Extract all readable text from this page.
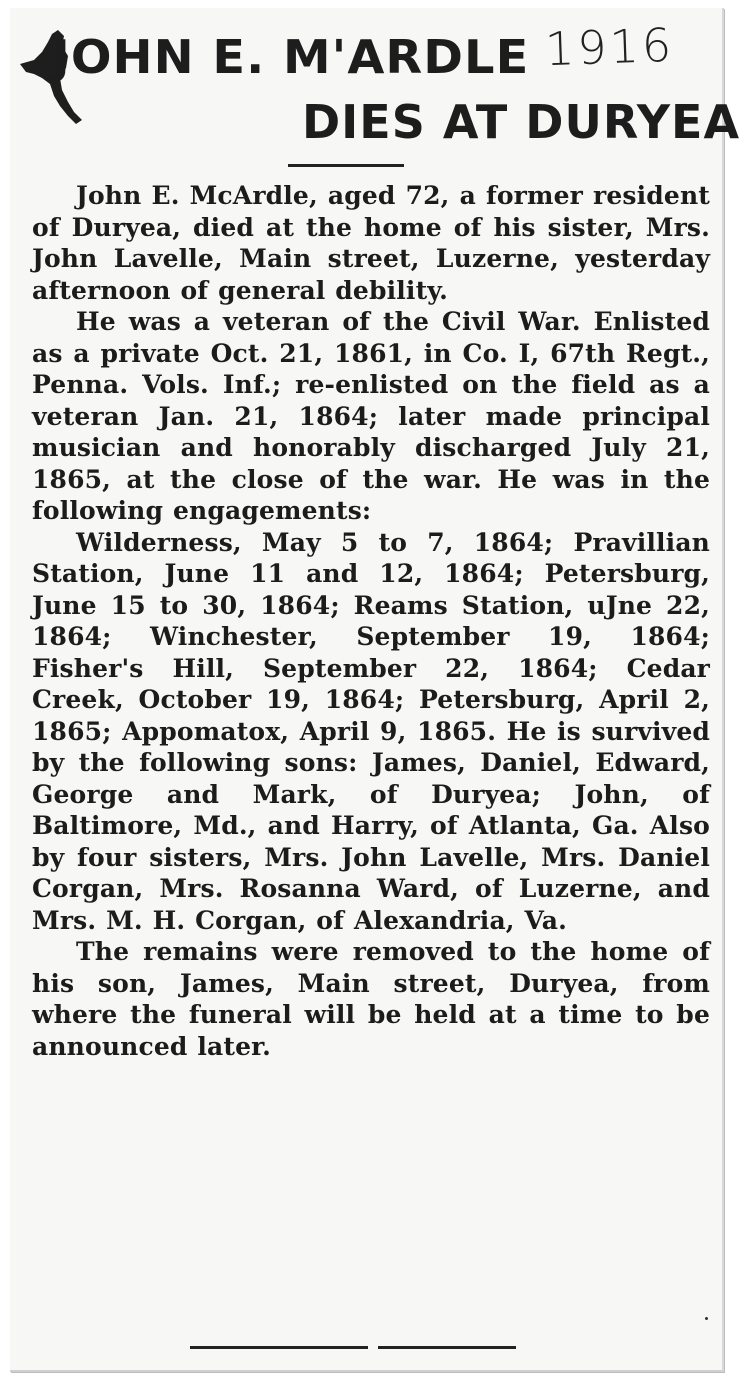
1916
JOHN E. M'ARDLE
DIES AT DURYEA

John E. McArdle, aged 72, a former resident of Duryea, died at the home of his sister, Mrs. John Lavelle, Main street, Luzerne, yesterday afternoon of general debility.

He was a veteran of the Civil War. Enlisted as a private Oct. 21, 1861, in Co. I, 67th Regt., Penna. Vols. Inf.; re-enlisted on the field as a veteran Jan. 21, 1864; later made principal musician and honorably discharged July 21, 1865, at the close of the war. He was in the following engagements:

Wilderness, May 5 to 7, 1864; Pravillian Station, June 11 and 12, 1864; Petersburg, June 15 to 30, 1864; Reams Station, uJne 22, 1864; Winchester, September 19, 1864; Fisher's Hill, September 22, 1864; Cedar Creek, October 19, 1864; Petersburg, April 2, 1865; Appomatox, April 9, 1865. He is survived by the following sons: James, Daniel, Edward, George and Mark, of Duryea; John, of Baltimore, Md., and Harry, of Atlanta, Ga. Also by four sisters, Mrs. John Lavelle, Mrs. Daniel Corgan, Mrs. Rosanna Ward, of Luzerne, and Mrs. M. H. Corgan, of Alexandria, Va.

The remains were removed to the home of his son, James, Main street, Duryea, from where the funeral will be held at a time to be announced later.
